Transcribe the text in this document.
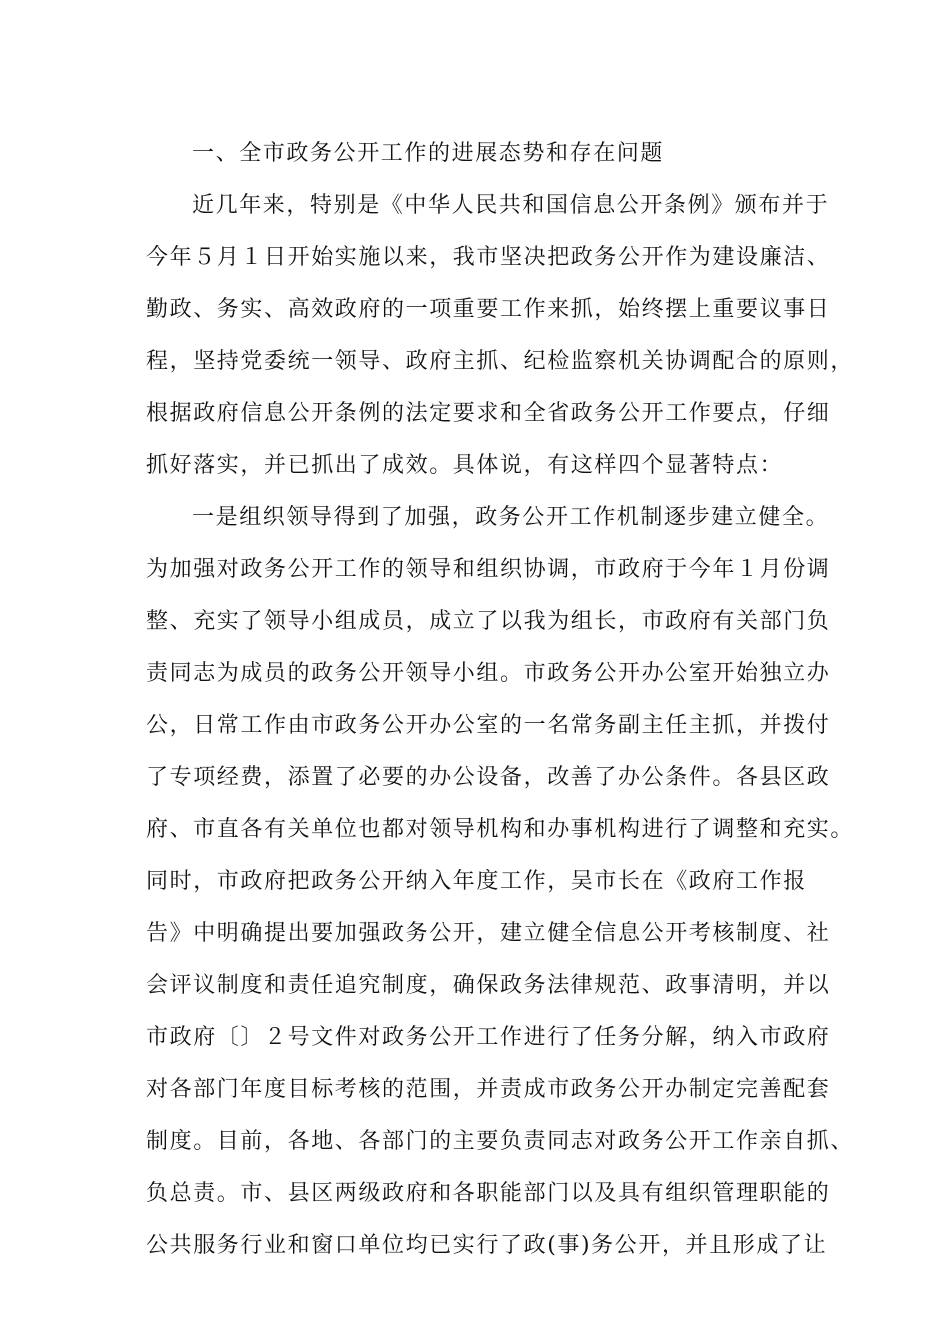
一、全市政务公开工作的进展态势和存在问题
近几年来，特别是《中华人民共和国信息公开条例》颁布并于
今年５月１日开始实施以来，我市坚决把政务公开作为建设廉洁、
勤政、务实、高效政府的一项重要工作来抓，始终摆上重要议事日
程，坚持党委统一领导、政府主抓、纪检监察机关协调配合的原则，
根据政府信息公开条例的法定要求和全省政务公开工作要点，仔细
抓好落实，并已抓出了成效。具体说，有这样四个显著特点：
一是组织领导得到了加强，政务公开工作机制逐步建立健全。
为加强对政务公开工作的领导和组织协调，市政府于今年１月份调
整、充实了领导小组成员，成立了以我为组长，市政府有关部门负
责同志为成员的政务公开领导小组。市政务公开办公室开始独立办
公，日常工作由市政务公开办公室的一名常务副主任主抓，并拨付
了专项经费，添置了必要的办公设备，改善了办公条件。各县区政
府、市直各有关单位也都对领导机构和办事机构进行了调整和充实。
同时，市政府把政务公开纳入年度工作，吴市长在《政府工作报
告》中明确提出要加强政务公开，建立健全信息公开考核制度、社
会评议制度和责任追究制度，确保政务法律规范、政事清明，并以
市政府〔〕２号文件对政务公开工作进行了任务分解，纳入市政府
对各部门年度目标考核的范围，并责成市政务公开办制定完善配套
制度。目前，各地、各部门的主要负责同志对政务公开工作亲自抓、
负总责。市、县区两级政府和各职能部门以及具有组织管理职能的
公共服务行业和窗口单位均已实行了政(事)务公开，并且形成了让
